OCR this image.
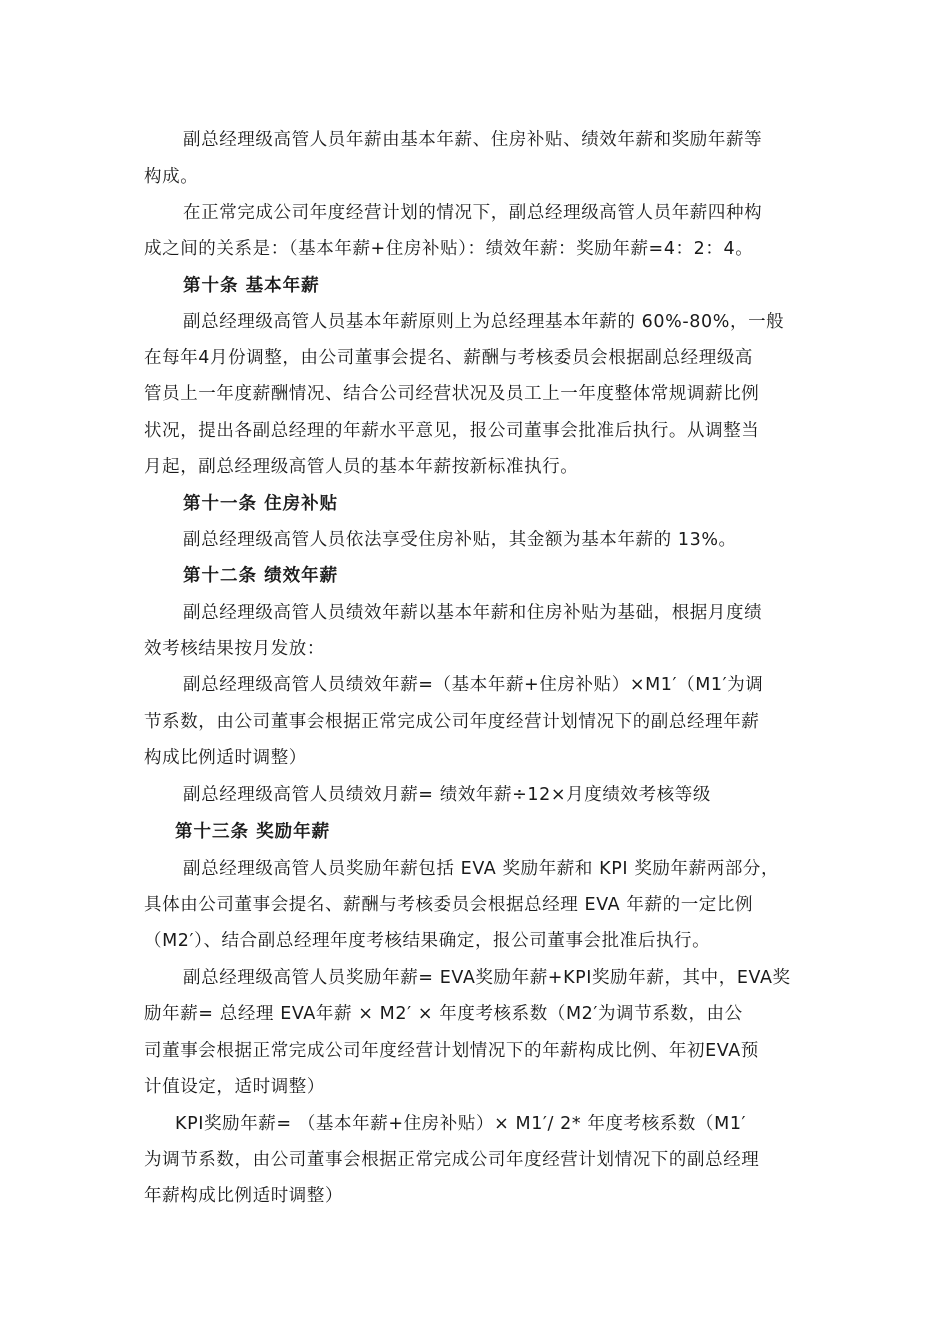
副总经理级高管人员年薪由基本年薪、住房补贴、绩效年薪和奖励年薪等
构成。
在正常完成公司年度经营计划的情况下，副总经理级高管人员年薪四种构
成之间的关系是：（基本年薪+住房补贴）：绩效年薪：奖励年薪=4：2：4。
第十条 基本年薪
副总经理级高管人员基本年薪原则上为总经理基本年薪的 60%-80%，一般
在每年4月份调整，由公司董事会提名、薪酬与考核委员会根据副总经理级高
管员上一年度薪酬情况、结合公司经营状况及员工上一年度整体常规调薪比例
状况，提出各副总经理的年薪水平意见，报公司董事会批准后执行。从调整当
月起，副总经理级高管人员的基本年薪按新标准执行。
第十一条 住房补贴
副总经理级高管人员依法享受住房补贴，其金额为基本年薪的 13%。
第十二条 绩效年薪
副总经理级高管人员绩效年薪以基本年薪和住房补贴为基础，根据月度绩
效考核结果按月发放：
副总经理级高管人员绩效年薪=（基本年薪+住房补贴）×M1′（M1′为调
节系数，由公司董事会根据正常完成公司年度经营计划情况下的副总经理年薪
构成比例适时调整）
副总经理级高管人员绩效月薪= 绩效年薪÷12×月度绩效考核等级
第十三条 奖励年薪
副总经理级高管人员奖励年薪包括 EVA 奖励年薪和 KPI 奖励年薪两部分，
具体由公司董事会提名、薪酬与考核委员会根据总经理 EVA 年薪的一定比例
（M2′）、结合副总经理年度考核结果确定，报公司董事会批准后执行。
副总经理级高管人员奖励年薪= EVA奖励年薪+KPI奖励年薪，其中，EVA奖
励年薪= 总经理 EVA年薪 × M2′ × 年度考核系数（M2′为调节系数，由公
司董事会根据正常完成公司年度经营计划情况下的年薪构成比例、年初EVA预
计值设定，适时调整）
KPI奖励年薪= （基本年薪+住房补贴）× M1′/ 2* 年度考核系数（M1′
为调节系数，由公司董事会根据正常完成公司年度经营计划情况下的副总经理
年薪构成比例适时调整）
